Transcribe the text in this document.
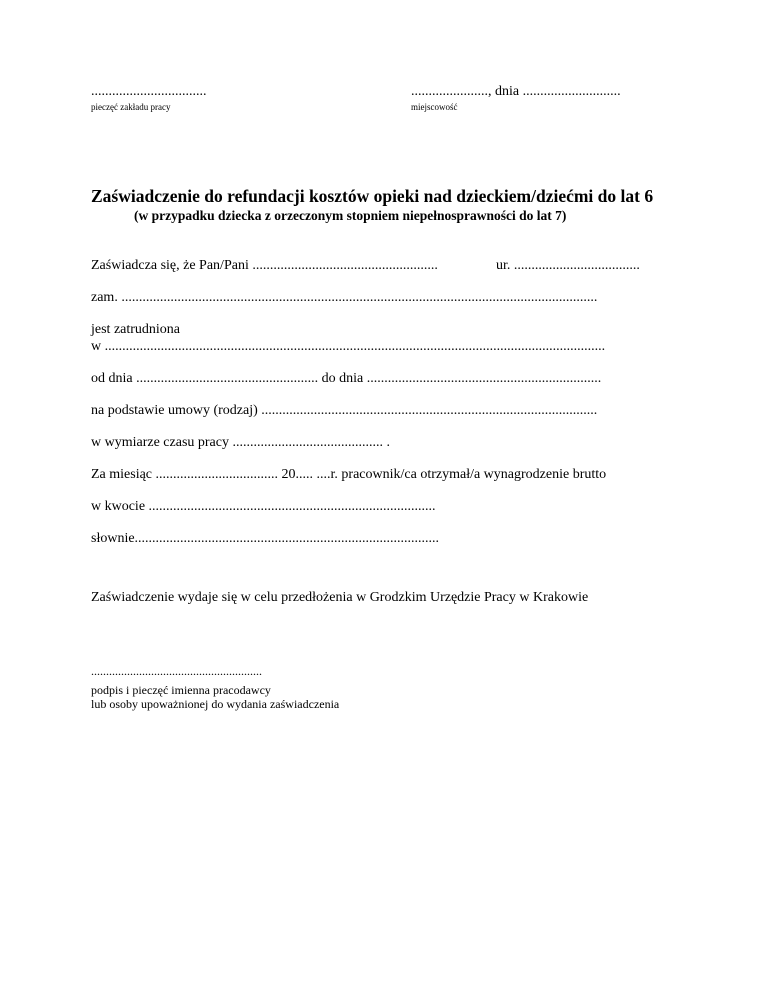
.................................
pieczęć zakładu pracy
......................, dnia ............................
miejscowość
Zaświadczenie do refundacji kosztów opieki nad dzieckiem/dziećmi do lat 6
(w przypadku dziecka z orzeczonym stopniem niepełnosprawności do lat 7)
Zaświadcza się, że Pan/Pani .....................................................	ur. ....................................
zam. ........................................................................................................................................
jest zatrudniona
w ...............................................................................................................................................
od dnia .................................................... do dnia ...................................................................
na podstawie umowy (rodzaj) ................................................................................................
w wymiarze czasu pracy ........................................... .
Za miesiąc ................................... 20..... ....r. pracownik/ca otrzymał/a wynagrodzenie brutto
w kwocie ..................................................................................
słownie.......................................................................................
Zaświadczenie wydaje się w celu przedłożenia w Grodzkim Urzędzie Pracy w Krakowie
.........................................................
podpis i pieczęć imienna pracodawcy
lub osoby upoważnionej do wydania zaświadczenia
